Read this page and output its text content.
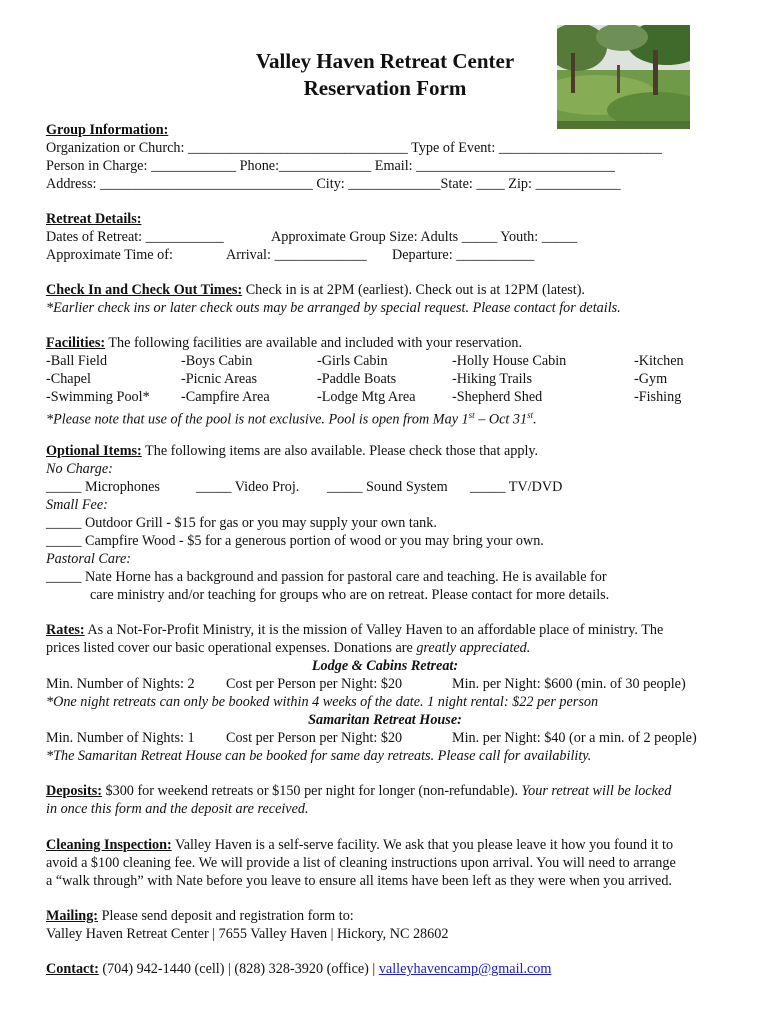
Valley Haven Retreat Center
Reservation Form
Group Information:
Organization or Church: _______________________________ Type of Event: _______________________
Person in Charge: ____________ Phone:_____________ Email: ____________________________
Address: ______________________________ City: _____________State: ____ Zip: ____________
Retreat Details:
Dates of Retreat: ___________	Approximate Group Size: Adults _____ Youth: _____
Approximate Time of:	Arrival: _____________ Departure: ___________
Check In and Check Out Times: Check in is at 2PM (earliest). Check out is at 12PM (latest).
*Earlier check ins or later check outs may be arranged by special request. Please contact for details.
Facilities: The following facilities are available and included with your reservation.
-Ball Field	-Boys Cabin	-Girls Cabin	-Holly House Cabin	-Kitchen
-Chapel	-Picnic Areas	-Paddle Boats	-Hiking Trails	-Gym
-Swimming Pool* -Campfire Area	-Lodge Mtg Area	-Shepherd Shed	-Fishing
*Please note that use of the pool is not exclusive. Pool is open from May 1st – Oct 31st.
Optional Items: The following items are also available. Please check those that apply.
No Charge:
_____ Microphones	_____ Video Proj. _____ Sound System _____ TV/DVD
Small Fee:
_____ Outdoor Grill - $15 for gas or you may supply your own tank.
_____ Campfire Wood - $5 for a generous portion of wood or you may bring your own.
Pastoral Care:
_____ Nate Horne has a background and passion for pastoral care and teaching. He is available for
care ministry and/or teaching for groups who are on retreat. Please contact for more details.
Rates: As a Not-For-Profit Ministry, it is the mission of Valley Haven to an affordable place of ministry. The
prices listed cover our basic operational expenses. Donations are greatly appreciated.
Lodge & Cabins Retreat:
Min. Number of Nights: 2 Cost per Person per Night: $20	Min. per Night: $600 (min. of 30 people)
*One night retreats can only be booked within 4 weeks of the date. 1 night rental: $22 per person
Samaritan Retreat House:
Min. Number of Nights: 1 Cost per Person per Night: $20	Min. per Night: $40 (or a min. of 2 people)
*The Samaritan Retreat House can be booked for same day retreats. Please call for availability.
Deposits: $300 for weekend retreats or $150 per night for longer (non-refundable). Your retreat will be locked
in once this form and the deposit are received.
Cleaning Inspection: Valley Haven is a self-serve facility. We ask that you please leave it how you found it to
avoid a $100 cleaning fee. We will provide a list of cleaning instructions upon arrival. You will need to arrange
a “walk through” with Nate before you leave to ensure all items have been left as they were when you arrived.
Mailing: Please send deposit and registration form to:
Valley Haven Retreat Center | 7655 Valley Haven | Hickory, NC 28602
Contact: (704) 942-1440 (cell) | (828) 328-3920 (office) | valleyhavencamp@gmail.com
